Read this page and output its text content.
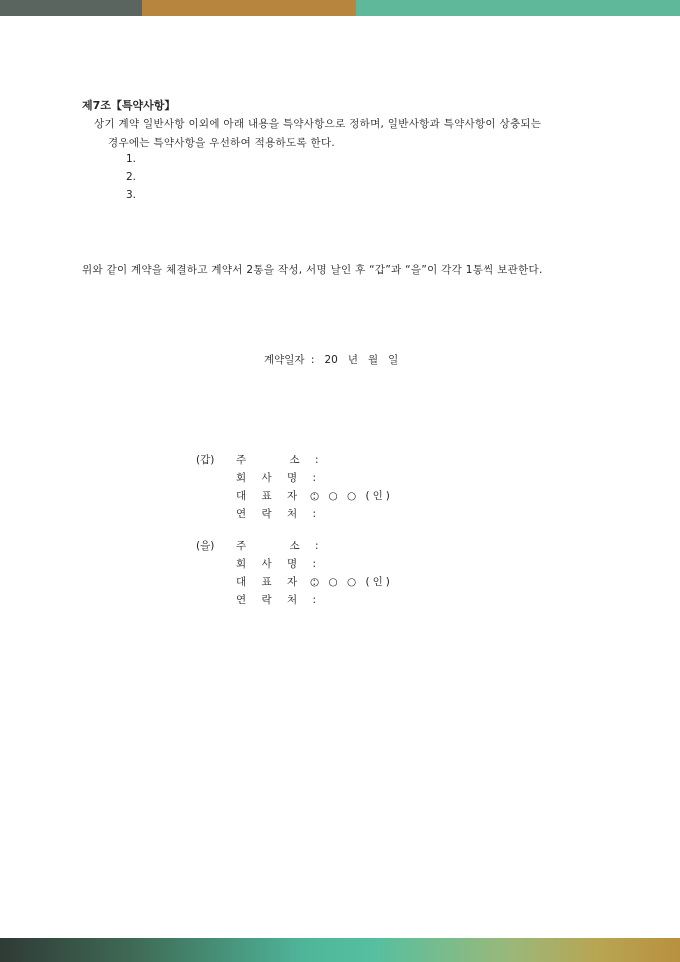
제7조【특약사항】
상기 계약 일반사항 이외에 아래 내용을 특약사항으로 정하며, 일반사항과 특약사항이 상충되는
경우에는 특약사항을 우선하여 적용하도록 한다.
1.
2.
3.
위와 같이 계약을 체결하고 계약서 2통을 작성, 서명 날인 후 “갑”과 “을”이 각각 1통씩 보관한다.
계약일자 : 20 년 월 일
(갑) 주    소 :
회 사 명 :
대 표 자 :
○ ○ ○ (인)
연 락 처 :
(을) 주    소 :
회 사 명 :
대 표 자 :
○ ○ ○ (인)
연 락 처 :
